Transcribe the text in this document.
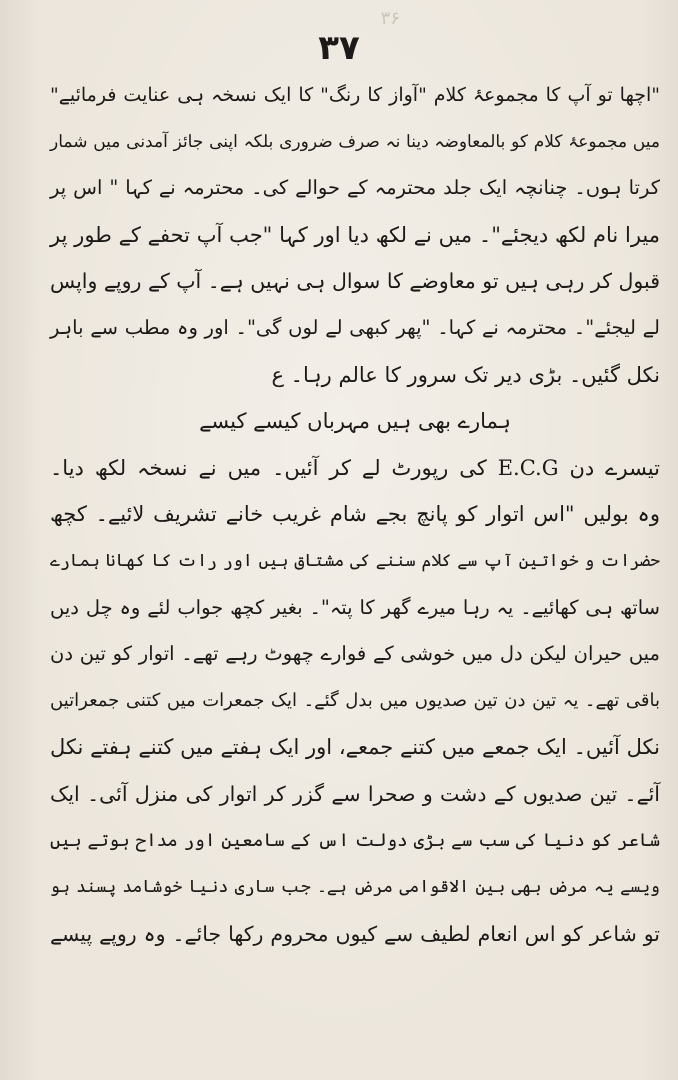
۳۶
۳۷
"اچھا تو آپ کا مجموعۂ کلام "آواز کا رنگ" کا ایک نسخہ ہی عنایت فرمائیے"
میں مجموعۂ کلام کو بالمعاوضہ دینا نہ صرف ضروری بلکہ اپنی جائز آمدنی میں شمار
کرتا ہوں۔ چنانچہ ایک جلد محترمہ کے حوالے کی۔ محترمہ نے کہا " اس پر
میرا نام لکھ دیجئے"۔ میں نے لکھ دیا اور کہا "جب آپ تحفے کے طور پر
قبول کر رہی ہیں تو معاوضے کا سوال ہی نہیں ہے۔ آپ کے روپے واپس
لے لیجئے"۔ محترمہ نے کہا۔ "پھر کبھی لے لوں گی"۔ اور وہ مطب سے باہر
نکل گئیں۔ بڑی دیر تک سرور کا عالم رہا۔ ع
ہمارے بھی ہیں مہرباں کیسے کیسے
تیسرے دن E.C.G کی رپورٹ لے کر آئیں۔ میں نے نسخہ لکھ دیا۔
وہ بولیں "اس اتوار کو پانچ بجے شام غریب خانے تشریف لائیے۔ کچھ
حضرات و خواتین آپ سے کلام سننے کی مشتاق ہیں اور رات کا کھانا ہمارے
ساتھ ہی کھائیے۔ یہ رہا میرے گھر کا پتہ"۔ بغیر کچھ جواب لئے وہ چل دیں
میں حیران لیکن دل میں خوشی کے فوارے چھوٹ رہے تھے۔ اتوار کو تین دن
باقی تھے۔ یہ تین دن تین صدیوں میں بدل گئے۔ ایک جمعرات میں کتنی جمعراتیں
نکل آئیں۔ ایک جمعے میں کتنے جمعے، اور ایک ہفتے میں کتنے ہفتے نکل
آئے۔ تین صدیوں کے دشت و صحرا سے گزر کر اتوار کی منزل آئی۔ ایک
شاعر کو دنیا کی سب سے بڑی دولت اس کے سامعین اور مداح ہوتے ہیں
ویسے یہ مرض بھی بین الاقوامی مرض ہے۔ جب ساری دنیا خوشامد پسند ہو
تو شاعر کو اس انعام لطیف سے کیوں محروم رکھا جائے۔ وہ روپے پیسے
